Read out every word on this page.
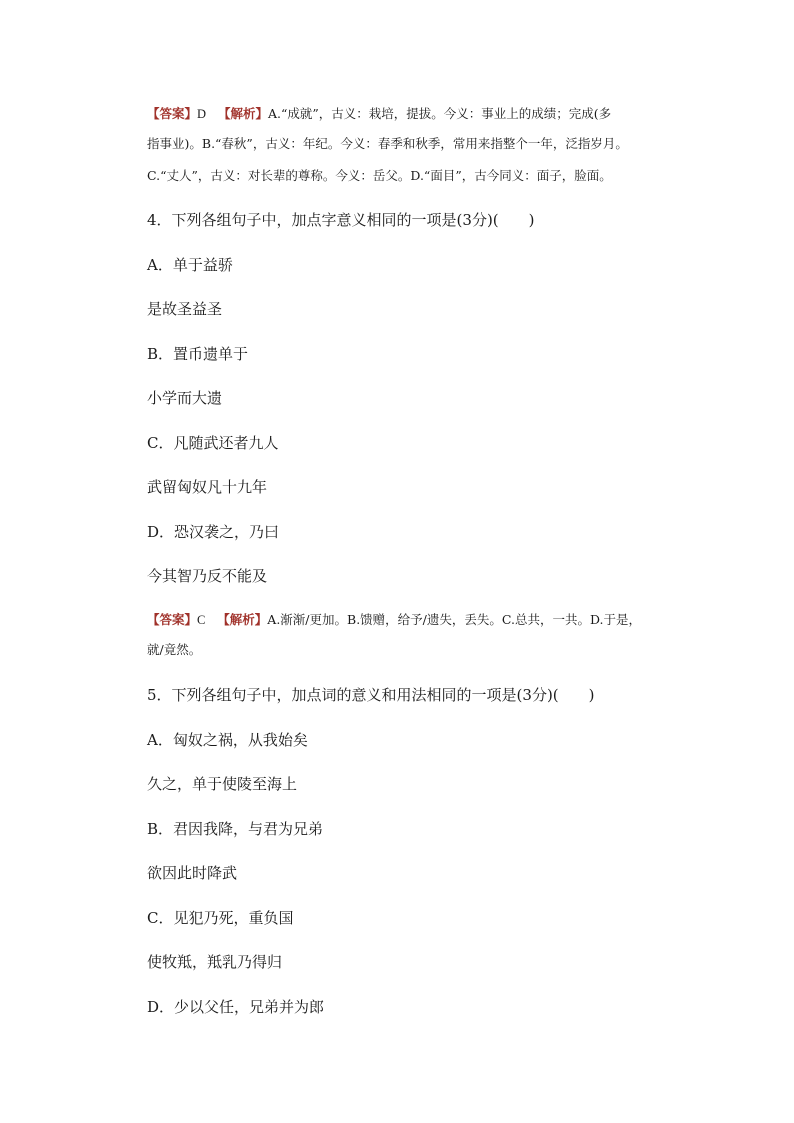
【答案】D 【解析】A.“成就”，古义：栽培，提拔。今义：事业上的成绩；完成(多
指事业)。B.“春秋”，古义：年纪。今义：春季和秋季，常用来指整个一年，泛指岁月。
C.“丈人”，古义：对长辈的尊称。今义：岳父。D.“面目”，古今同义：面子，脸面。
4．下列各组句子中，加点字意义相同的一项是(3分)(　　)
A．单于益骄
是故圣益圣
B．置币遗单于
小学而大遗
C．凡随武还者九人
武留匈奴凡十九年
D．恐汉袭之，乃曰
今其智乃反不能及
【答案】C 【解析】A.渐渐/更加。B.馈赠，给予/遗失，丢失。C.总共，一共。D.于是，
就/竟然。
5．下列各组句子中，加点词的意义和用法相同的一项是(3分)(　　)
A．匈奴之祸，从我始矣
久之，单于使陵至海上
B．君因我降，与君为兄弟
欲因此时降武
C．见犯乃死，重负国
使牧羝，羝乳乃得归
D．少以父任，兄弟并为郎
